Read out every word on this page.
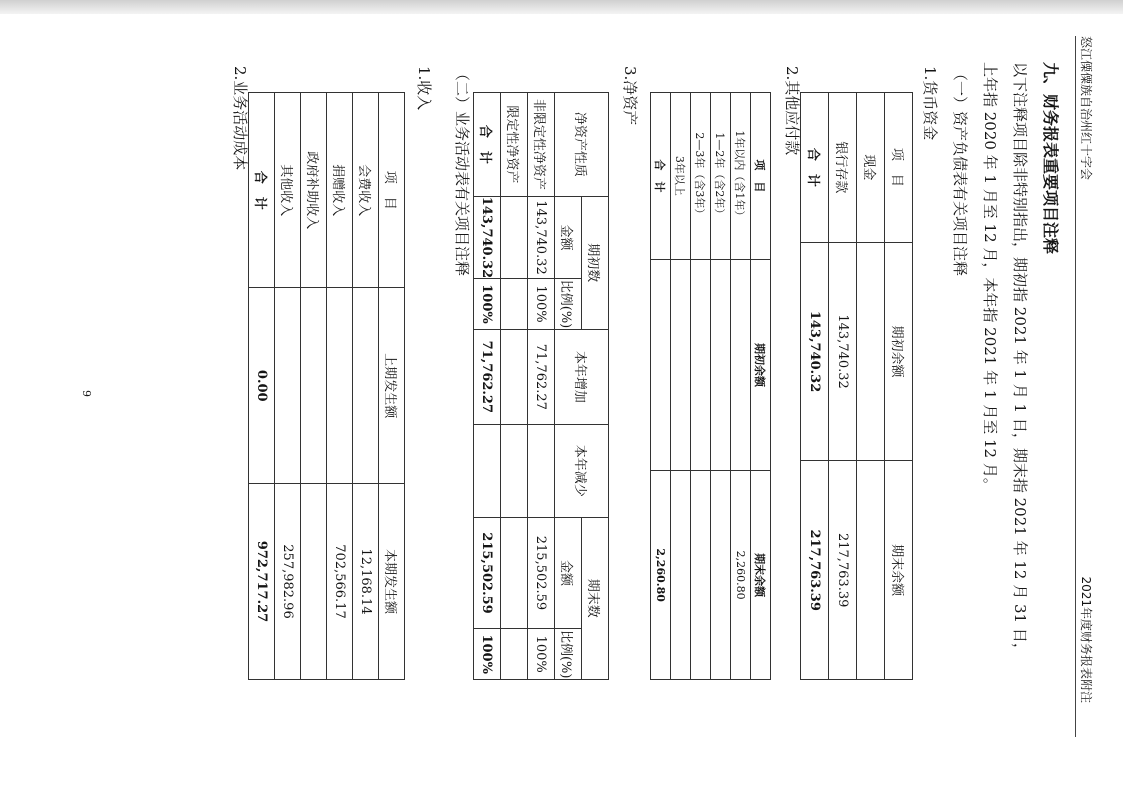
怒江傈僳族自治州红十字会
2021年度财务报表附注
九、财务报表重要项目注释
以下注释项目除非特别指出，期初指 2021 年 1 月 1 日，期末指 2021 年 12 月 31 日，上年指 2020 年 1 月至 12 月，本年指 2021 年 1 月至 12 月。
（一）资产负债表有关项目注释
1.货币资金
项　目	期初余额	期末余额
现金		
银行存款	143,740.32	217,763.39
合　计	143,740.32	217,763.39
2.其他应付款
项　目	期初余额	期末余额
1年以内（含1年）		2,260.80
1—2年（含2年）		
2—3年（含3年）		
3年以上		
合　计		2,260.80
3.净资产
净资产性质	期初数		本年增加	本年减少	期末数	
	金额	比例(%)			金额	比例(%)
非限定性净资产	143,740.32	100%	71,762.27		215,502.59	100%
限定性净资产						
合　计	143,740.32	100%	71,762.27		215,502.59	100%
（二）业务活动表有关项目注释
1.收入
项　目	上期发生额	本期发生额
会费收入		12,168.14
捐赠收入		702,566.17
政府补助收入		
其他收入		257,982.96
合　计	0.00	972,717.27
2.业务活动成本
9
